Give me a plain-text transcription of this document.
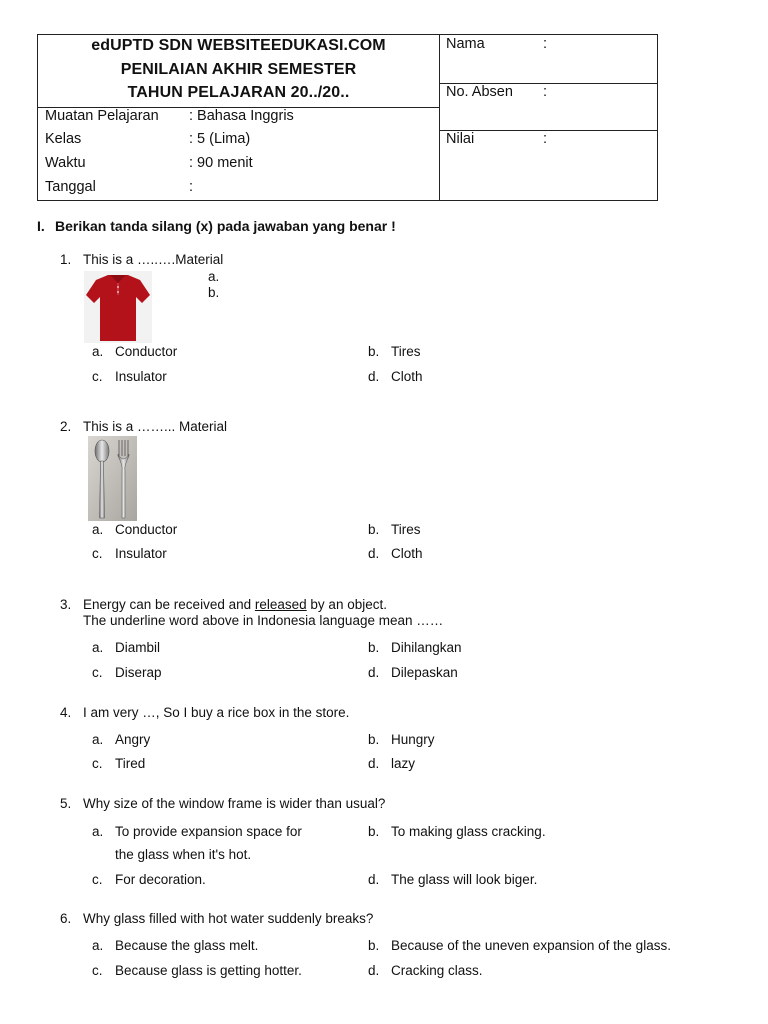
edUPTD SDN WEBSITEEDUKASI.COM
PENILAIAN AKHIR SEMESTER
TAHUN PELAJARAN 20../20..
Muatan Pelajaran : Bahasa Inggris
Kelas	: 5 (Lima)
Waktu	: 90 menit
Tanggal	:
Nama	:
No. Absen :
Nilai	:
I. Berikan tanda silang (x) pada jawaban yang benar !
1. This is a …..….Material
a.
b.
a. Conductor	b. Tires
c. Insulator	d. Cloth
2. This is a ……... Material
a. Conductor	b. Tires
c. Insulator	d. Cloth
3. Energy can be received and released by an object.
The underline word above in Indonesia language mean ……
a. Diambil	b. Dihilangkan
c. Diserap	d. Dilepaskan
4. I am very …, So I buy a rice box in the store.
a. Angry	b. Hungry
c. Tired	d. lazy
5. Why size of the window frame is wider than usual?
a. To provide expansion space for
the glass when it's hot.
b. To making glass cracking.
c. For decoration.	d. The glass will look biger.
6. Why glass filled with hot water suddenly breaks?
a. Because the glass melt.	b. Because of the uneven expansion of the glass.
c. Because glass is getting hotter.	d. Cracking class.
